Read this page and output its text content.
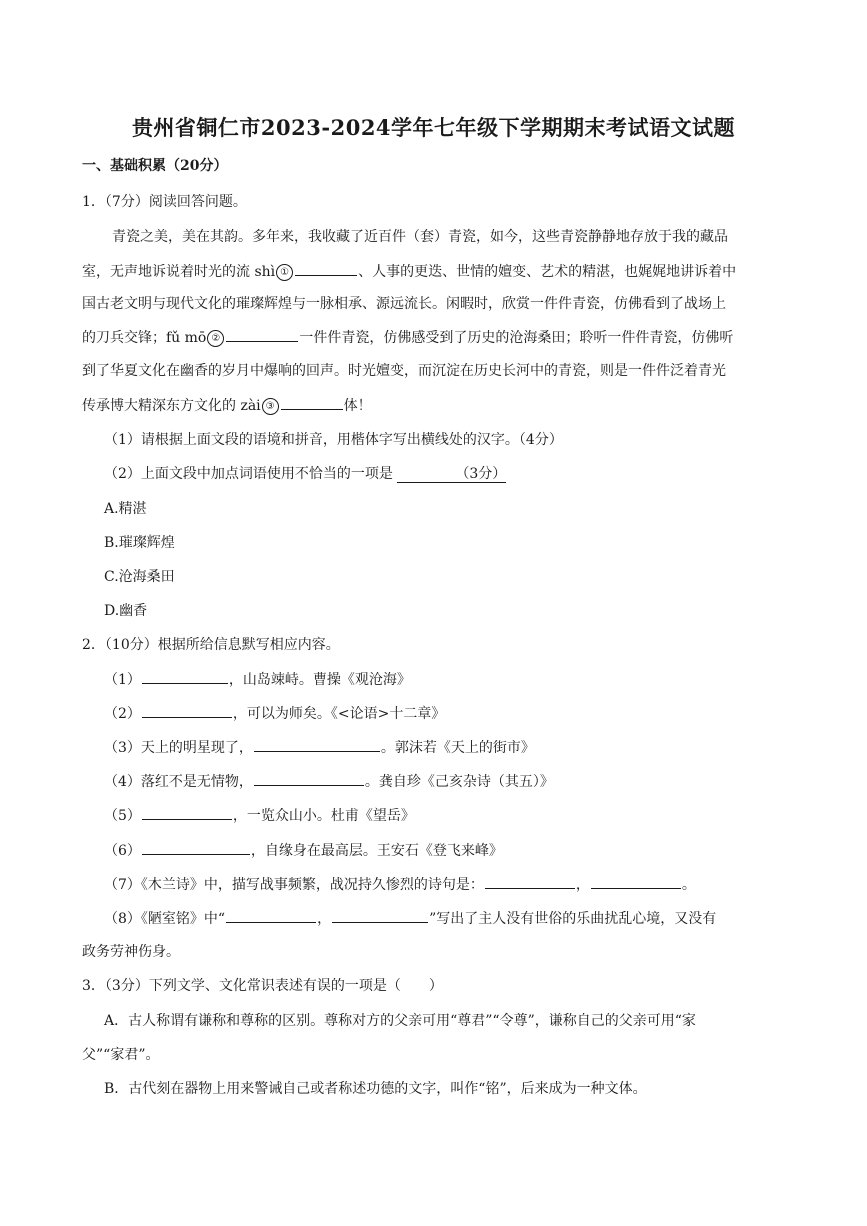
贵州省铜仁市2023-2024学年七年级下学期期末考试语文试题
一、基础积累（20分）
1．（7分）阅读回答问题。
青瓷之美，美在其韵。多年来，我收藏了近百件（套）青瓷，如今，这些青瓷静静地存放于我的藏品
室，无声地诉说着时光的流 shì ①	、人事的更迭、世情的嬗变、艺术的精湛，也娓娓地讲诉着中
国古老文明与现代文化的璀璨辉煌与一脉相承、源远流长。闲暇时，欣赏一件件青瓷，仿佛看到了战场上
的刀兵交锋；fǔ mō ②	一件件青瓷，仿佛感受到了历史的沧海桑田；聆听一件件青瓷，仿佛听
到了华夏文化在幽香的岁月中爆响的回声。时光嬗变，而沉淀在历史长河中的青瓷，则是一件件泛着青光
传承博大精深东方文化的 zài ③	体！
（1）请根据上面文段的语境和拼音，用楷体字写出横线处的汉字。（4分）
（2）上面文段中加点词语使用不恰当的一项是	（3分）
A.精湛
B.璀璨辉煌
C.沧海桑田
D.幽香
2．（10分）根据所给信息默写相应内容。
（1）	，山岛竦峙。曹操《观沧海》
（2）	，可以为师矣。《<论语>十二章》
（3）天上的明星现了，	。郭沫若《天上的街市》
（4）落红不是无情物，	。龚自珍《己亥杂诗（其五）》
（5）	，一览众山小。杜甫《望岳》
（6）	，自缘身在最高层。王安石《登飞来峰》
（7）《木兰诗》中，描写战事频繁，战况持久惨烈的诗句是：	，	。
（8）《陋室铭》中“	，	”写出了主人没有世俗的乐曲扰乱心境，又没有
政务劳神伤身。
3．（3分）下列文学、文化常识表述有误的一项是（ ）
A．古人称谓有谦称和尊称的区别。尊称对方的父亲可用“尊君”“令尊”，谦称自己的父亲可用“家
父”“家君”。
B．古代刻在器物上用来警诫自己或者称述功德的文字，叫作“铭”，后来成为一种文体。
